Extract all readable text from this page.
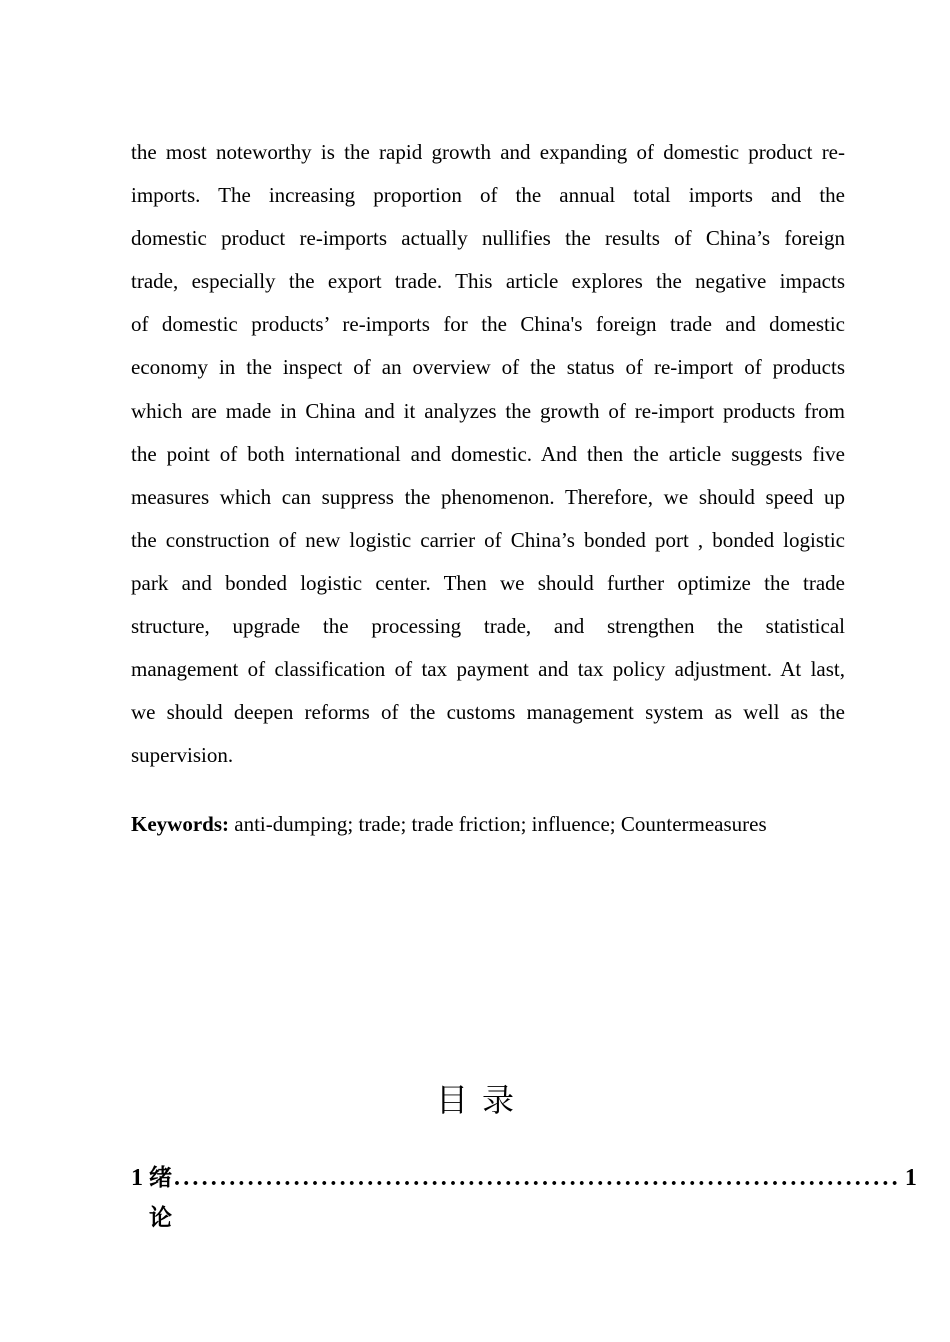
the most noteworthy is the rapid growth and expanding of domestic product re-
imports. The increasing proportion of the annual total imports and the
domestic product re-imports actually nullifies the results of China’s foreign
trade, especially the export trade. This article explores the negative impacts
of domestic products’ re-imports for the China's foreign trade and domestic
economy in the inspect of an overview of the status of re-import of products
which are made in China and it analyzes the growth of re-import products from
the point of both international and domestic. And then the article suggests five
measures which can suppress the phenomenon. Therefore, we should speed up
the construction of new logistic carrier of China’s bonded port , bonded logistic
park and bonded logistic center. Then we should further optimize the trade
structure, upgrade the processing trade, and strengthen the statistical
management of classification of tax payment and tax policy adjustment. At last,
we should deepen reforms of the customs management system as well as the
supervision.
Keywords: anti-dumping; trade; trade friction; influence; Countermeasures
目录
1 绪论
............................................................................... 1
